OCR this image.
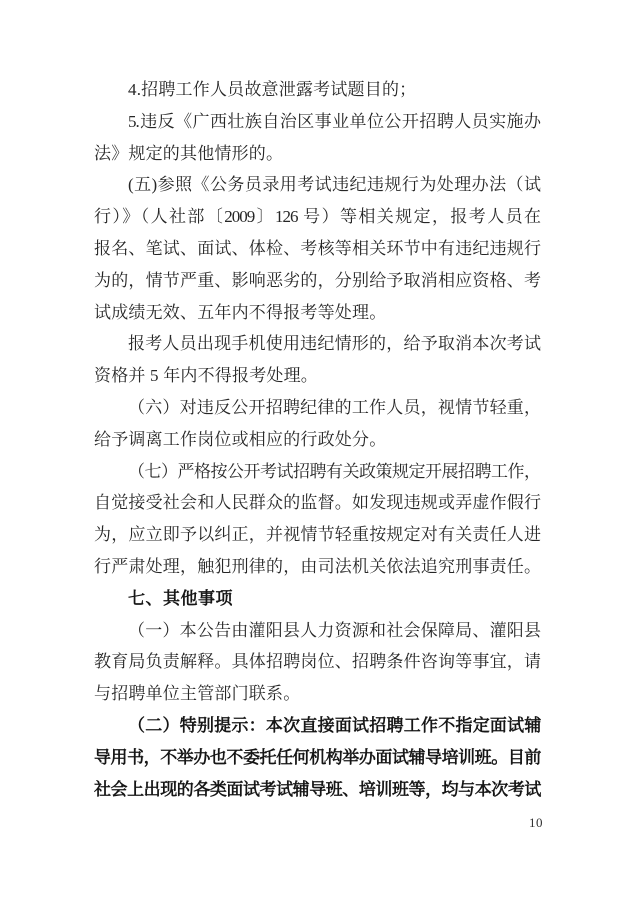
4.招聘工作人员故意泄露考试题目的；
5.违反《广西壮族自治区事业单位公开招聘人员实施办
法》规定的其他情形的。
(五)参照《公务员录用考试违纪违规行为处理办法（试
行）》（人社部〔2009〕126 号）等相关规定，报考人员在
报名、笔试、面试、体检、考核等相关环节中有违纪违规行
为的，情节严重、影响恶劣的，分别给予取消相应资格、考
试成绩无效、五年内不得报考等处理。
报考人员出现手机使用违纪情形的，给予取消本次考试
资格并 5 年内不得报考处理。
（六）对违反公开招聘纪律的工作人员，视情节轻重，
给予调离工作岗位或相应的行政处分。
（七）严格按公开考试招聘有关政策规定开展招聘工作，
自觉接受社会和人民群众的监督。如发现违规或弄虚作假行
为，应立即予以纠正，并视情节轻重按规定对有关责任人进
行严肃处理，触犯刑律的，由司法机关依法追究刑事责任。
七、其他事项
（一）本公告由灌阳县人力资源和社会保障局、灌阳县
教育局负责解释。具体招聘岗位、招聘条件咨询等事宜，请
与招聘单位主管部门联系。
（二）特别提示：本次直接面试招聘工作不指定面试辅
导用书，不举办也不委托任何机构举办面试辅导培训班。目前
社会上出现的各类面试考试辅导班、培训班等，均与本次考试
10
